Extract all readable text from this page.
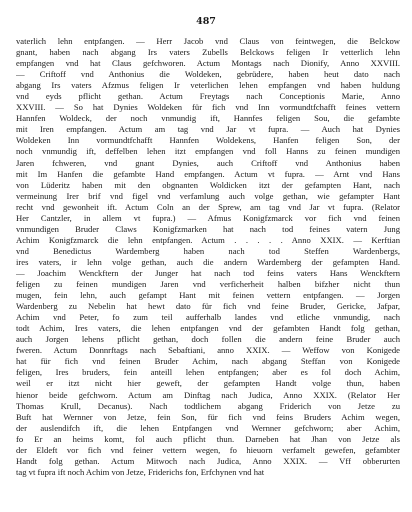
487
vaterlich lehn entpfangen. — Herr Jacob vnd Claus von feintwegen, die Belckow
gnant, haben nach abgang Irs vaters Zubells Belckows feligen Ir vetterlich lehn
empfangen vnd hat Claus gefchworen. Actum Montags nach Dionify, Anno XXVIII.
— Criftoff vnd Anthonius die Woldeken, gebrüdere, haben heut dato nach
abgang Irs vaters Afzmus feligen Ir veterlichen lehen empfangen vnd haben huldung
vnd eyds pflicht gethan. Actum Freytags nach Conceptionis Marie, Anno
XXVIII. — So hat Dynies Woldeken für fich vnd Inn vormundtfchafft feines vettern
Hannfen Woldeck, der noch vnmundig ift, Hannfes feligen Sou, die gefambte
mit Iren empfangen. Actum am tag vnd Jar vt fupra. — Auch hat Dynies
Woldeken Inn vormundtfchafft Hannfen Woldekens, Hanfen feligen Son, der
noch vnmundig ift, deffelben lehen itzt empfangen vnd foll Hanns zu feinen mundigen
Jaren fchweren, vnd gnant Dynies, auch Criftoff vnd Anthonius haben
mit Im Hanfen die gefambte Hand empfangen. Actum vt fupra. — Arnt vnd Hans
von Lüderitz haben mit den obgnanten Woldicken itzt der gefampten Hant, nach
vermeinung Irer brif vnd figel vnd verfamlung auch volge gethan, wie gefampter Hant
recht vnd gewonheit ift. Actum Coln an der Sprew, am tag vnd Jar vt fupra. (Relator
Her Cantzler, in allem vt fupra.) — Afmus Konigfzmarck vor fich vnd feinen
vnmundigen Bruder Claws Konigfzmarken hat nach tod feines vatern Jung
Achim Konigfzmarck die lehn entpfangen. Actum . . . . . Anno XXIX. — Kerftian
vnd Benedictus Wardemberg haben nach tod Steffen Wardenbergs,
ires vaters, ir lehn volge gethan, auch die andern Wardemberg der gefampten Hand.
— Joachim Wenckftern der Junger hat nach tod feins vaters Hans Wenckftern
feligen zu feinen mundigen Jaren vnd verficherheit halben bifzher nicht thun
mugen, fein lehn, auch gefampt Hant mit feinen vettern entpfangen. — Jorgen
Wardenberg zu Nebelin hat hewt dato für fich vnd feine Bruder, Gericke, Jafpar,
Achim vnd Peter, fo zum teil aufferhalb landes vnd etliche vnmundig, nach
todt Achim, Ires vaters, die lehen entpfangen vnd der gefambten Handt folg gethan,
auch Jorgen lehens pflicht gethan, doch follen die andern feine Bruder auch
fweren. Actum Donnrftags nach Sebaftiani, anno XXIX. — Weffow von Konigede
hat für fich vnd feinen Bruder Achim, nach abgang Steffan von Konigede
feligen, Ires bruders, fein anteill lehen entpfangen; aber es fol doch Achim,
weil er itzt nicht hier geweft, der gefampten Handt volge thun, haben
hienor beide gefchworn. Actum am Dinftag nach Judica, Anno XXIX. (Relator Her
Thomas Krull, Decanus). Nach todtlichem abgang Friderich von Jetze zu
Buft hat Wernner von Jetze, fein Son, für fich vnd feins Bruders Achim wegen,
der auslendifch ift, die lehen Entpfangen vnd Wernner gefchworn; aber Achim,
fo Er an heims komt, fol auch pflicht thun. Darneben hat Jhan von Jetze als
der Eldeft vor fich vnd feiner vettern wegen, fo hieuorn verfamelt gewefen, gefambter
Handt folg gethan. Actum Mitwoch nach Judica, Anno XXIX. — Vff obberurten
tag vt fupra ift noch Achim von Jetze, Friderichs fon, Erfchynen vnd hat
